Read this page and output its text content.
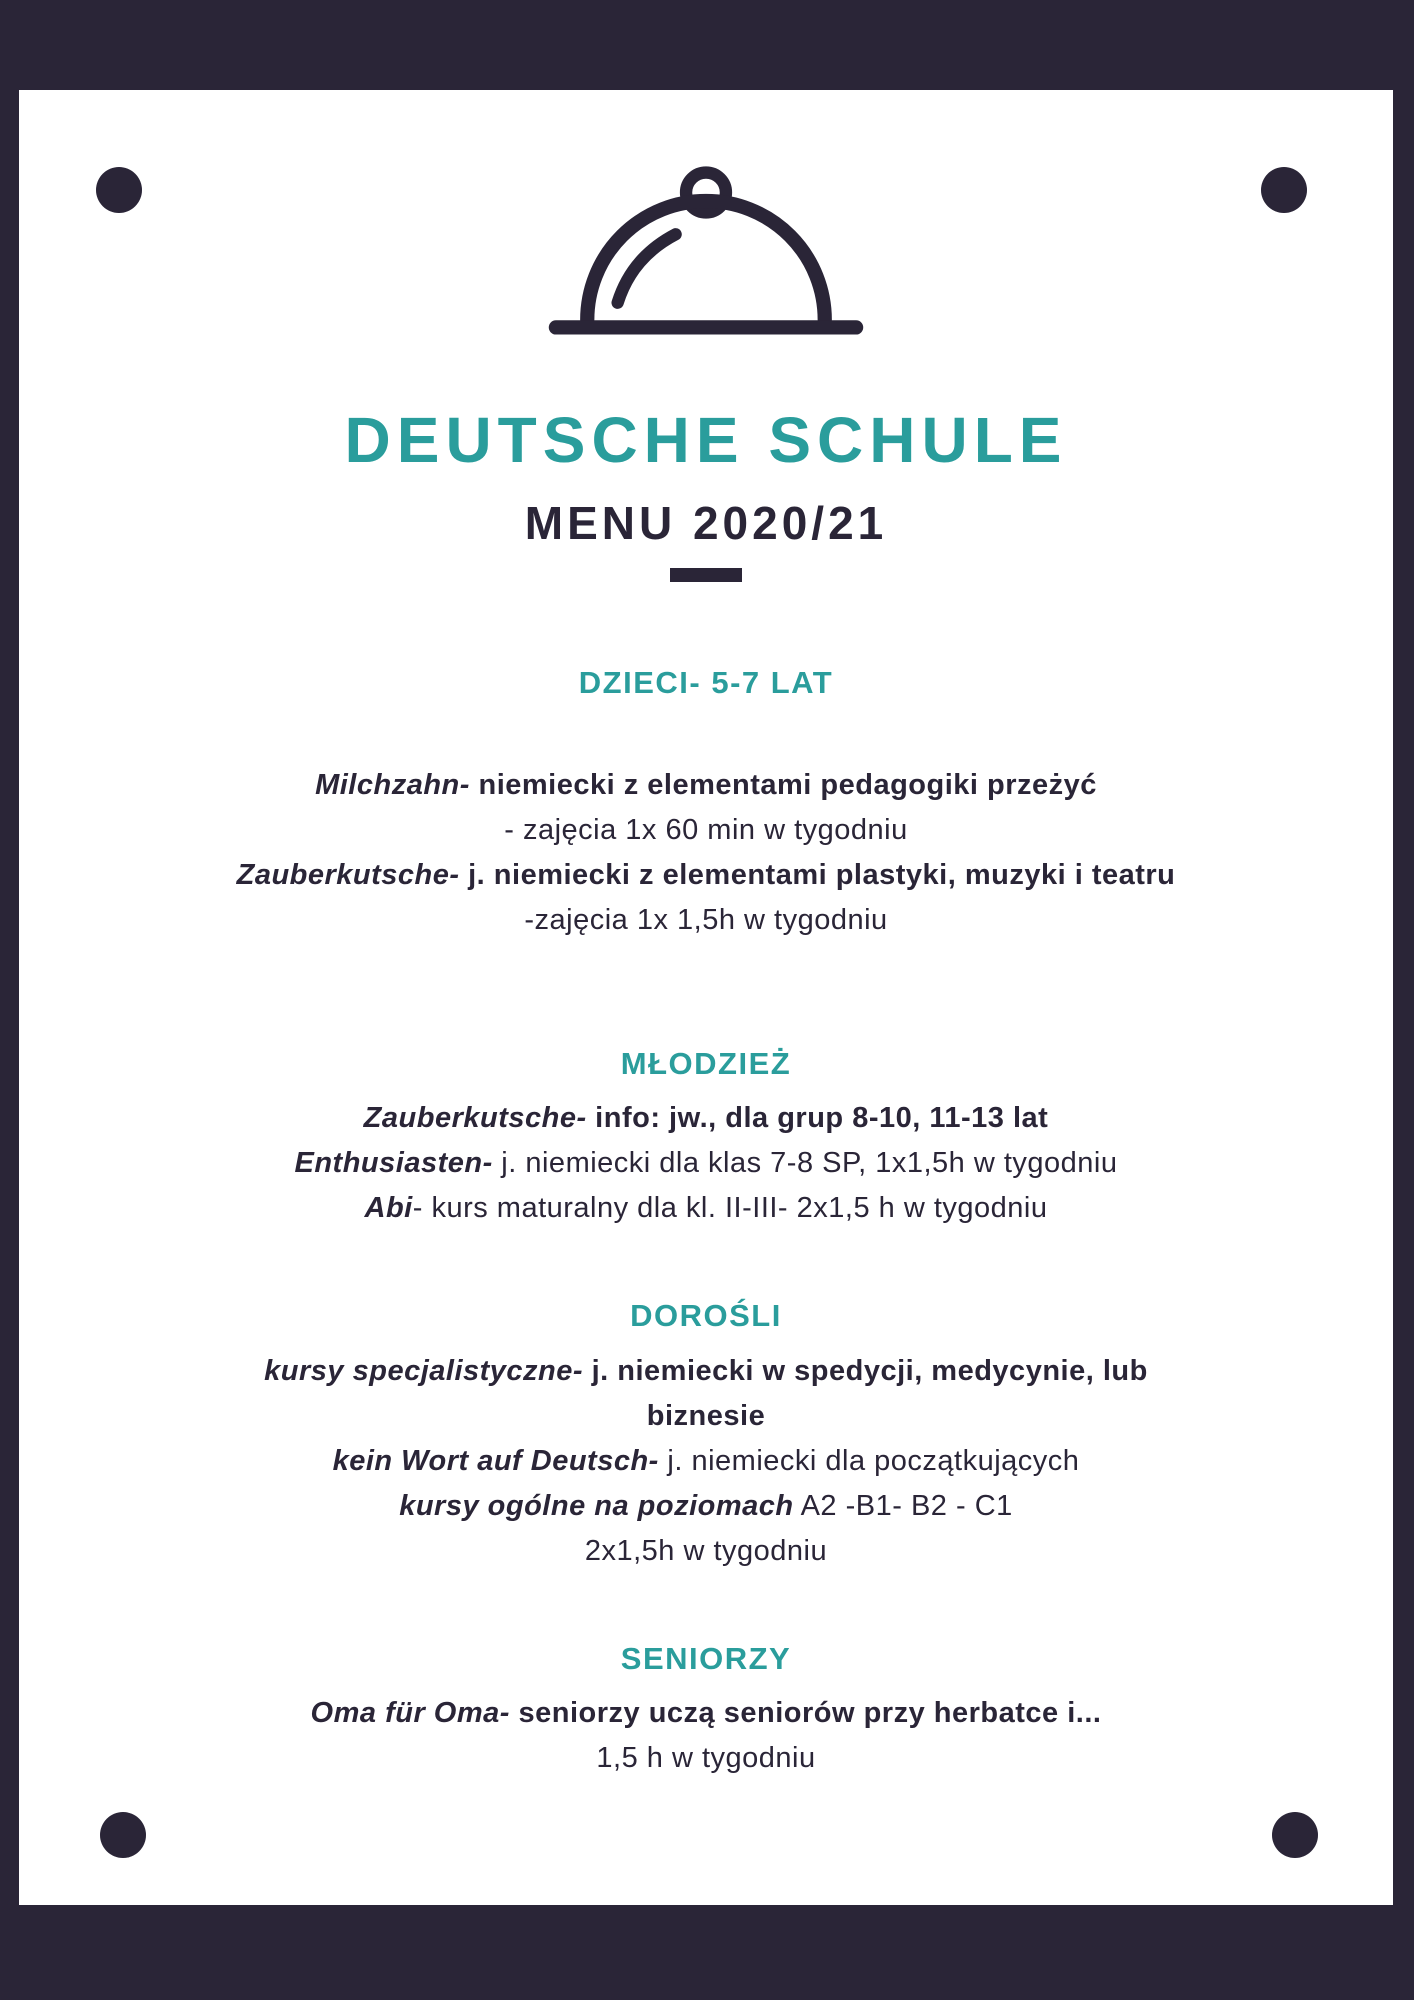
DEUTSCHE SCHULE
MENU 2020/21
DZIECI- 5-7 LAT
Milchzahn- niemiecki z elementami pedagogiki przeżyć
- zajęcia 1x 60 min w tygodniu
Zauberkutsche- j. niemiecki z elementami plastyki, muzyki i teatru
-zajęcia 1x 1,5h w tygodniu
MŁODZIEŻ
Zauberkutsche- info: jw., dla grup 8-10, 11-13 lat
Enthusiasten- j. niemiecki dla klas 7-8 SP, 1x1,5h w tygodniu
Abi- kurs maturalny dla kl. II-III- 2x1,5 h w tygodniu
DOROŚLI
kursy specjalistyczne- j. niemiecki w spedycji, medycynie, lub
biznesie
kein Wort auf Deutsch- j. niemiecki dla początkujących
kursy ogólne na poziomach A2 -B1- B2 - C1
2x1,5h w tygodniu
SENIORZY
Oma für Oma- seniorzy uczą seniorów przy herbatce i...
1,5 h w tygodniu
